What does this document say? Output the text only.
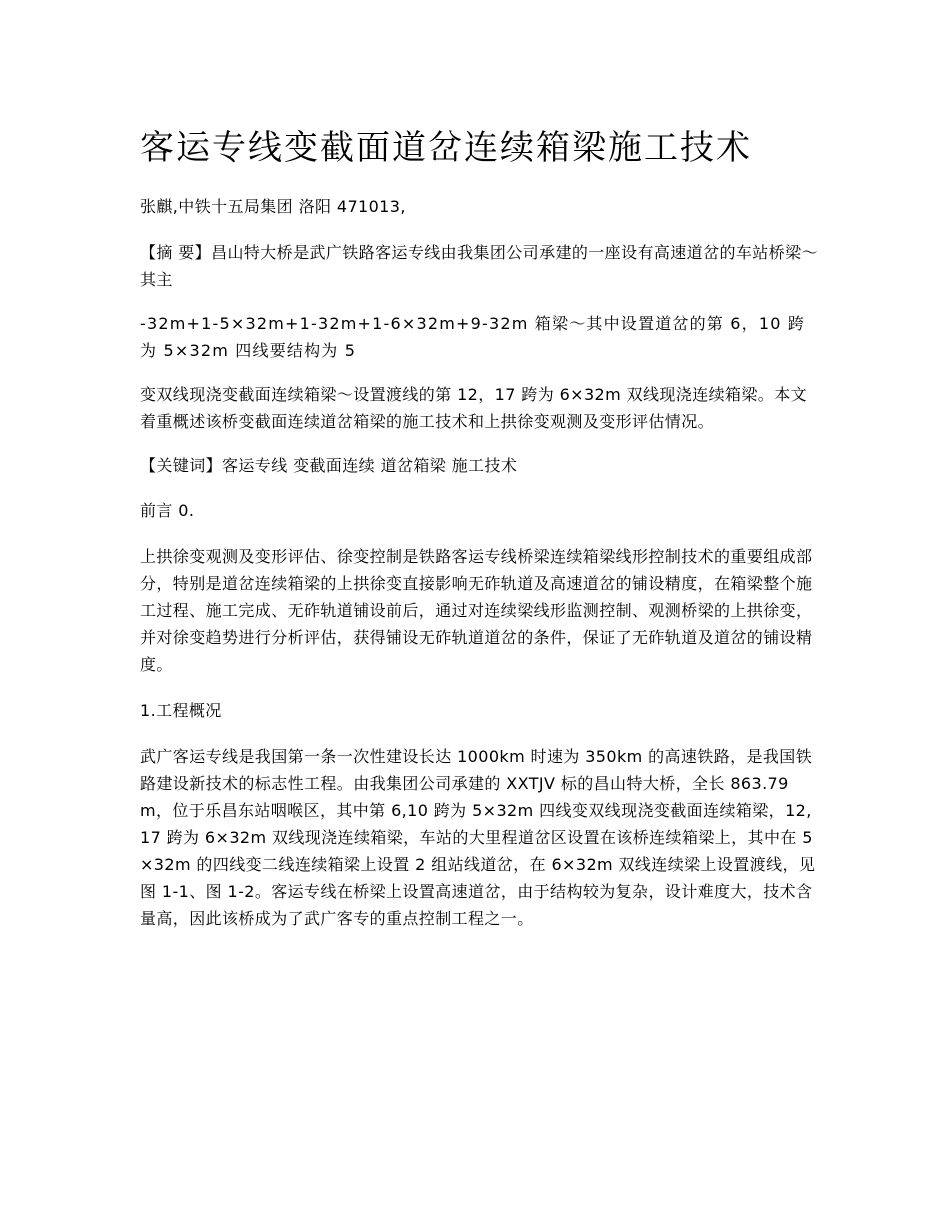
客运专线变截面道岔连续箱梁施工技术

张麒,中铁十五局集团 洛阳 471013,

【摘 要】昌山特大桥是武广铁路客运专线由我集团公司承建的一座设有高速道岔的车站桥梁～其主

-32m+1-5×32m+1-32m+1-6×32m+9-32m 箱梁～其中设置道岔的第 6，10 跨为 5×32m 四线要结构为 5

变双线现浇变截面连续箱梁～设置渡线的第 12，17 跨为 6×32m 双线现浇连续箱梁。本文着重概述该桥变截面连续道岔箱梁的施工技术和上拱徐变观测及变形评估情况。

【关键词】客运专线 变截面连续 道岔箱梁 施工技术

前言 0.

上拱徐变观测及变形评估、徐变控制是铁路客运专线桥梁连续箱梁线形控制技术的重要组成部分，特别是道岔连续箱梁的上拱徐变直接影响无砟轨道及高速道岔的铺设精度，在箱梁整个施工过程、施工完成、无砟轨道铺设前后，通过对连续梁线形监测控制、观测桥梁的上拱徐变，并对徐变趋势进行分析评估，获得铺设无砟轨道道岔的条件，保证了无砟轨道及道岔的铺设精度。

1.工程概况

武广客运专线是我国第一条一次性建设长达 1000km 时速为 350km 的高速铁路，是我国铁路建设新技术的标志性工程。由我集团公司承建的 XXTJV 标的昌山特大桥，全长 863.79m，位于乐昌东站咽喉区，其中第 6,10 跨为 5×32m 四线变双线现浇变截面连续箱梁，12,17 跨为 6×32m 双线现浇连续箱梁，车站的大里程道岔区设置在该桥连续箱梁上，其中在 5×32m 的四线变二线连续箱梁上设置 2 组站线道岔，在 6×32m 双线连续梁上设置渡线，见图 1-1、图 1-2。客运专线在桥梁上设置高速道岔，由于结构较为复杂，设计难度大，技术含量高，因此该桥成为了武广客专的重点控制工程之一。
